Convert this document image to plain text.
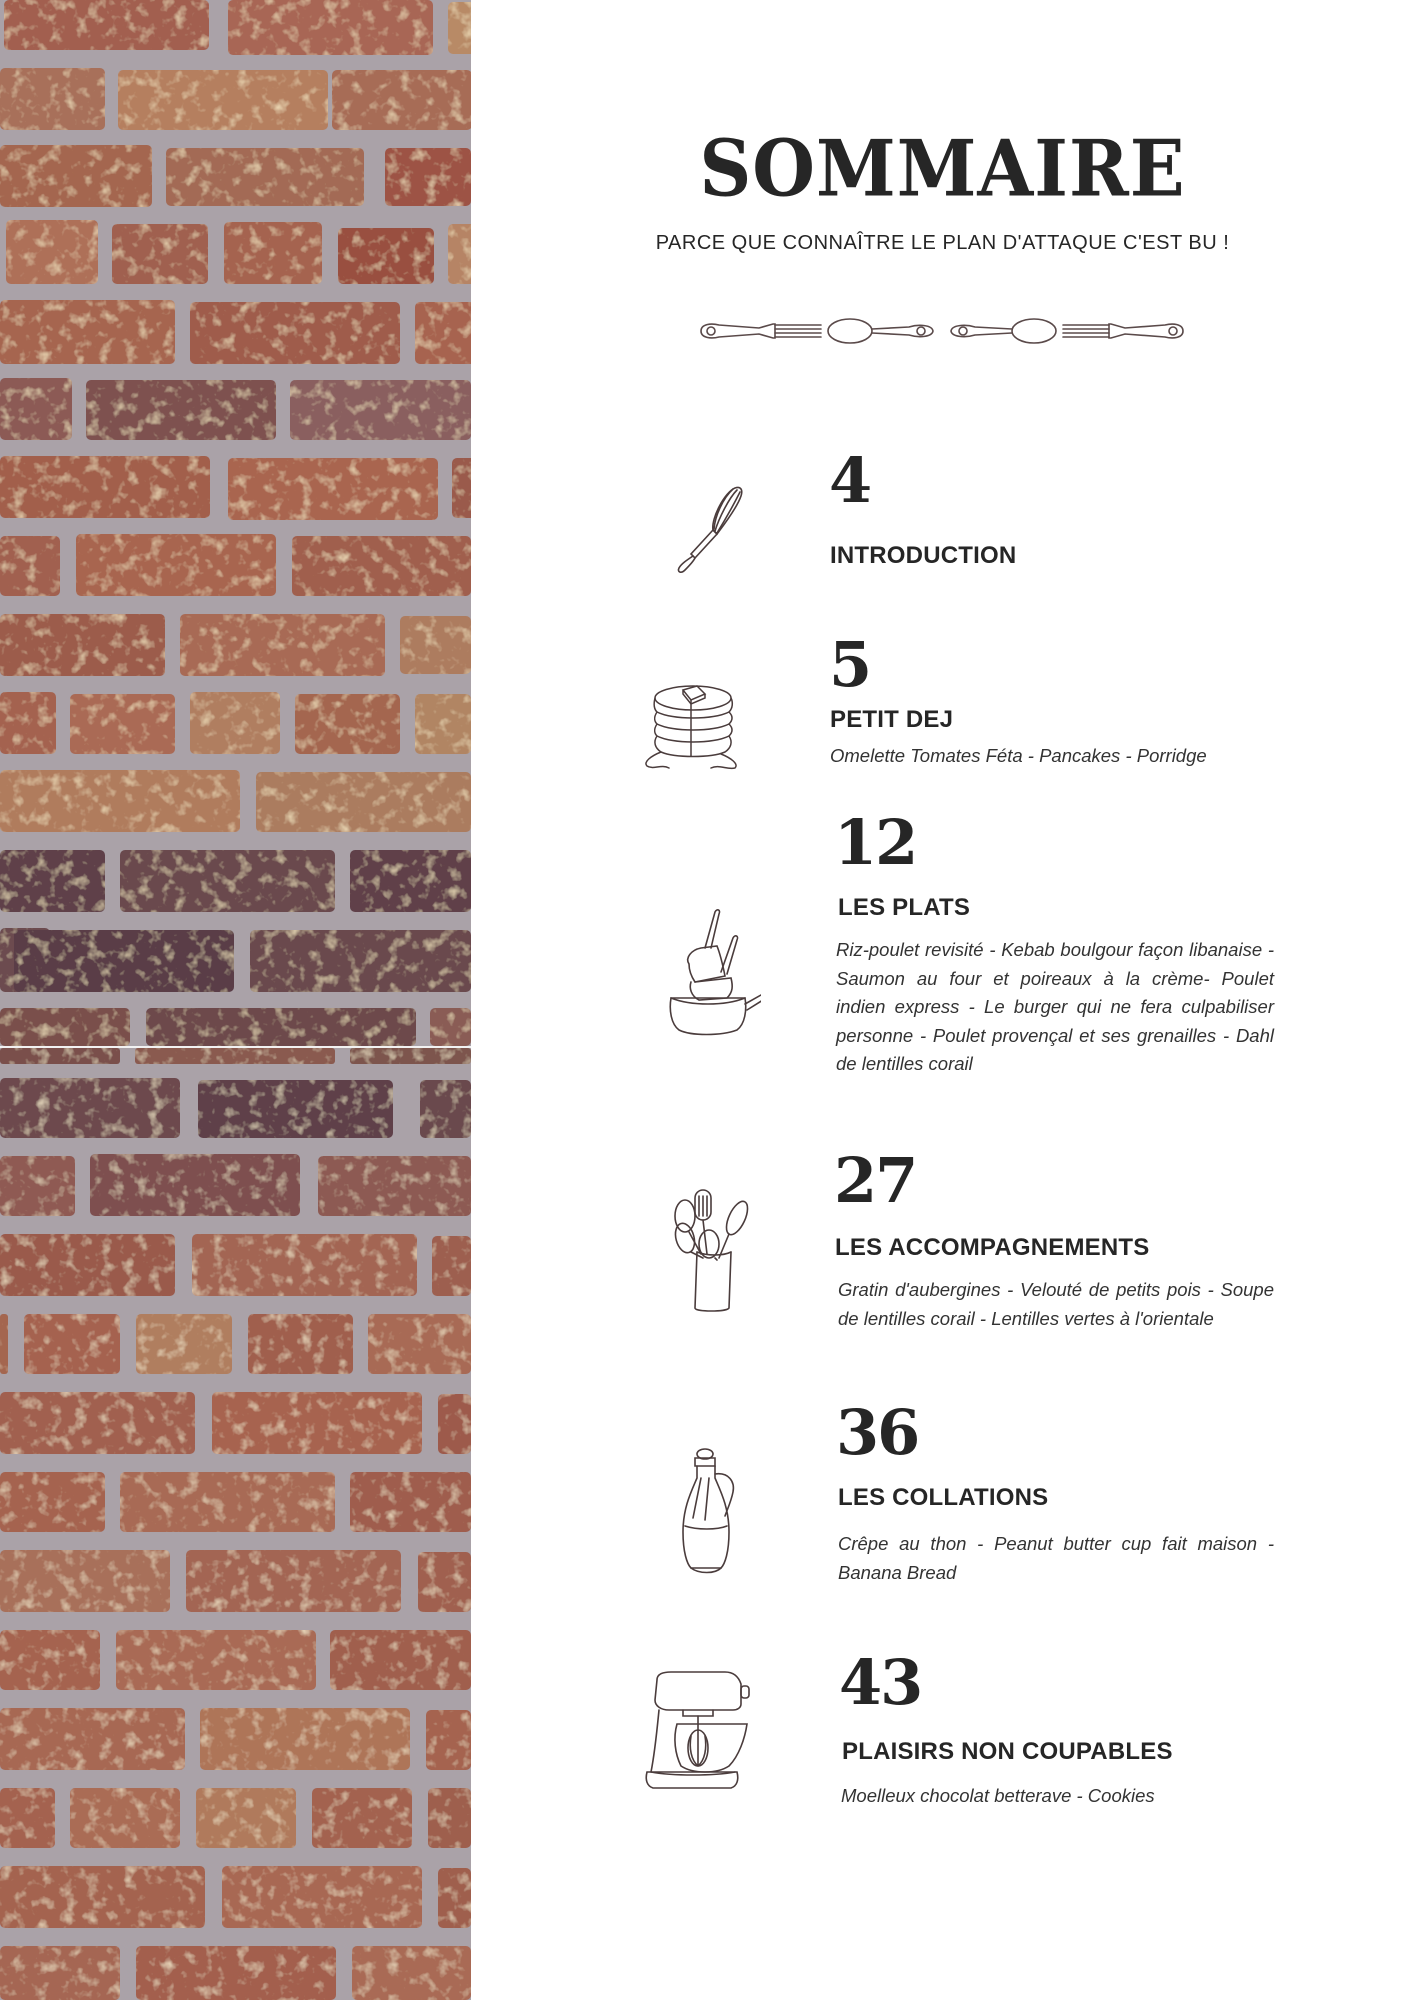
SOMMAIRE
PARCE QUE CONNAÎTRE LE PLAN D'ATTAQUE C'EST BU !
4
INTRODUCTION
5
PETIT DEJ
Omelette Tomates Féta - Pancakes - Porridge
12
LES PLATS
Riz-poulet revisité - Kebab boulgour façon libanaise - Saumon au four et poireaux à la crème- Poulet indien express - Le burger qui ne fera culpabiliser personne - Poulet provençal et ses grenailles - Dahl de lentilles corail
27
LES ACCOMPAGNEMENTS
Gratin d'aubergines - Velouté de petits pois - Soupe de lentilles corail - Lentilles vertes à l'orientale
36
LES COLLATIONS
Crêpe au thon - Peanut butter cup fait maison - Banana Bread
43
PLAISIRS NON COUPABLES
Moelleux chocolat betterave - Cookies
